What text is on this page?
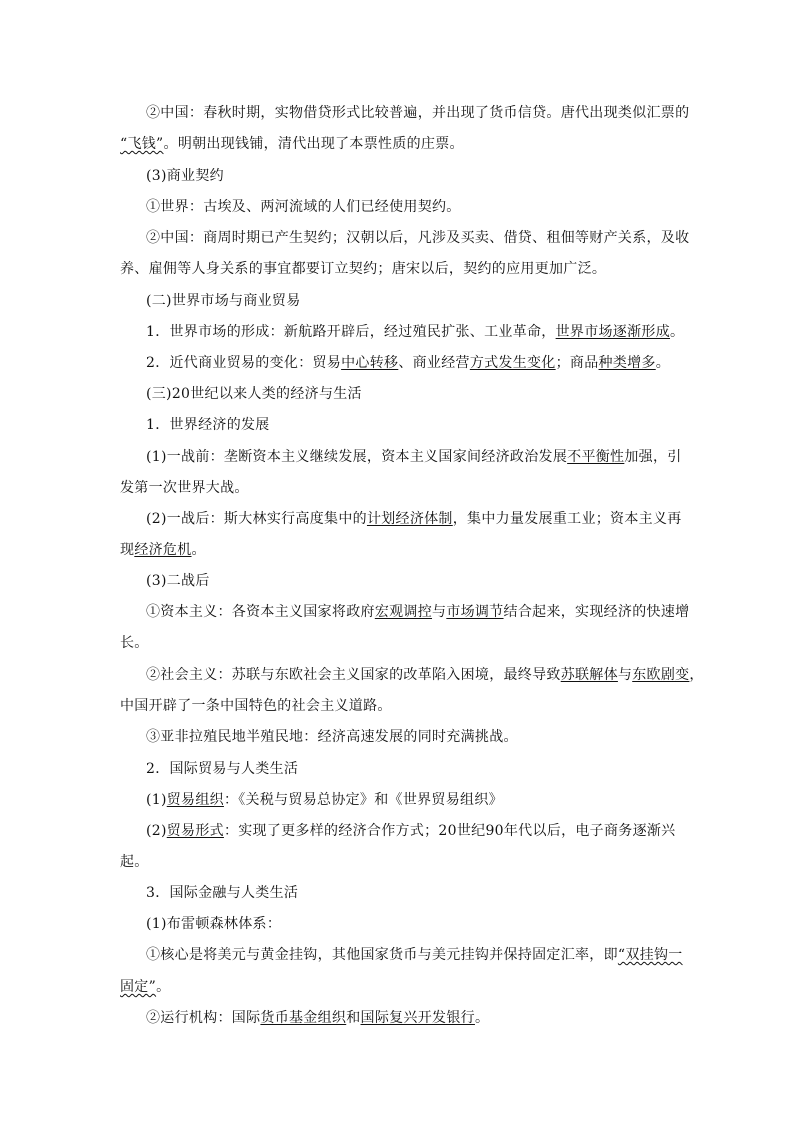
②中国：春秋时期，实物借贷形式比较普遍，并出现了货币信贷。唐代出现类似汇票的
“飞钱”。明朝出现钱铺，清代出现了本票性质的庄票。
(3)商业契约
①世界：古埃及、两河流域的人们已经使用契约。
②中国：商周时期已产生契约；汉朝以后，凡涉及买卖、借贷、租佃等财产关系，及收
养、雇佣等人身关系的事宜都要订立契约；唐宋以后，契约的应用更加广泛。
(二)世界市场与商业贸易
1．世界市场的形成：新航路开辟后，经过殖民扩张、工业革命，世界市场逐渐形成。
2．近代商业贸易的变化：贸易中心转移、商业经营方式发生变化；商品种类增多。
(三)20世纪以来人类的经济与生活
1．世界经济的发展
(1)一战前：垄断资本主义继续发展，资本主义国家间经济政治发展不平衡性加强，引
发第一次世界大战。
(2)一战后：斯大林实行高度集中的计划经济体制，集中力量发展重工业；资本主义再
现经济危机。
(3)二战后
①资本主义：各资本主义国家将政府宏观调控与市场调节结合起来，实现经济的快速增
长。
②社会主义：苏联与东欧社会主义国家的改革陷入困境，最终导致苏联解体与东欧剧变，
中国开辟了一条中国特色的社会主义道路。
③亚非拉殖民地半殖民地：经济高速发展的同时充满挑战。
2．国际贸易与人类生活
(1)贸易组织：《关税与贸易总协定》和《世界贸易组织》
(2)贸易形式：实现了更多样的经济合作方式；20世纪90年代以后，电子商务逐渐兴
起。
3．国际金融与人类生活
(1)布雷顿森林体系：
①核心是将美元与黄金挂钩，其他国家货币与美元挂钩并保持固定汇率，即“双挂钩一
固定”。
②运行机构：国际货币基金组织和国际复兴开发银行。
